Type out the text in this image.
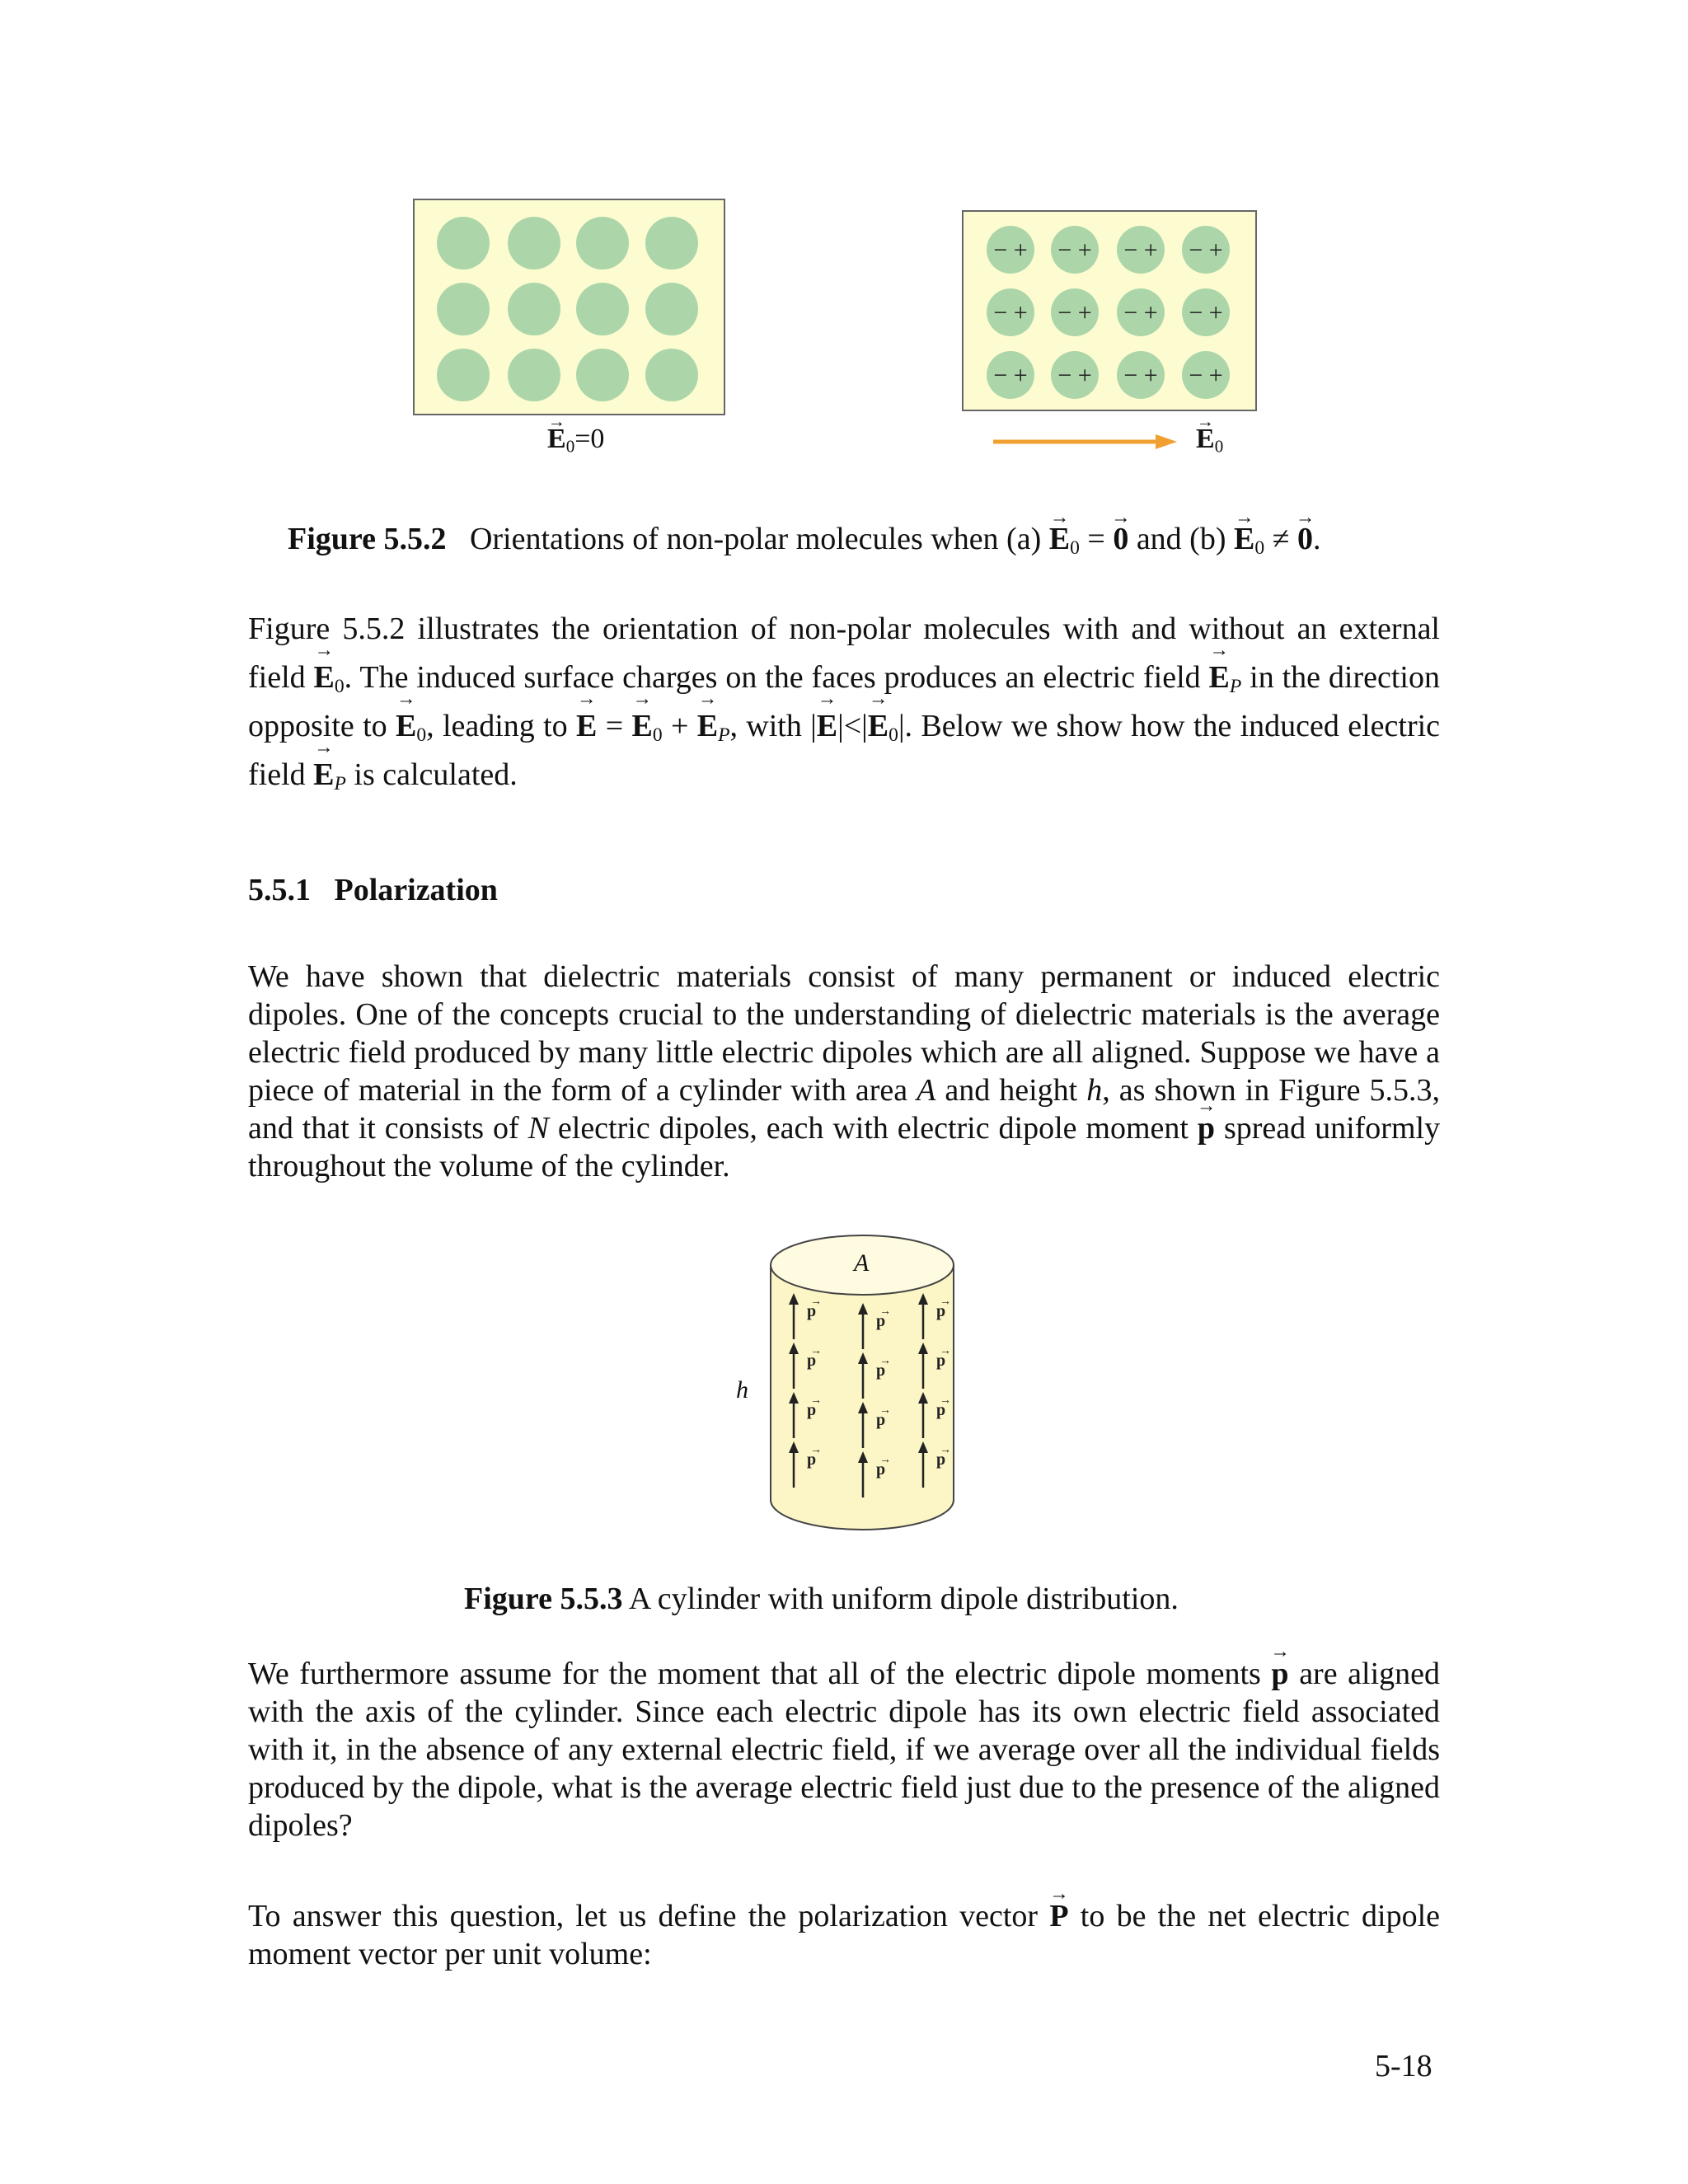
− + − + − + − +
− + − + − + − +
− + − + − + − +
→ $E_0=0$	→ $E_0$
Figure 5.5.2 Orientations of non-polar molecules when $(a) \to E_0$ = → 0 and $(b) \to E_0$ ≠ → 0.

Figure 5.5.2 illustrates the orientation of non-polar molecules with and without an external field → $E_0$. The induced surface charges on the faces produces an electric field → $E_P$ in the direction opposite to → $E_0$, leading to → E = → $E_0$ + → $E_P$, with |→ $E|<|\to E_0|$. Below we show how the induced electric field → $E_P$ is calculated.

5.5.1 Polarization

We have shown that dielectric materials consist of many permanent or induced electric dipoles. One of the concepts crucial to the understanding of dielectric materials is the average electric field produced by many little electric dipoles which are all aligned. Suppose we have a piece of material in the form of a cylinder with area A and height h, as shown in Figure 5.5.3, and that it consists of N electric dipoles, each with electric dipole moment → p spread uniformly throughout the volume of the cylinder.

p
→
p
→
p
→
p
→
p
→
p
→
p
→
p
→
p
→
p
→
p
→
p
→
A
h
Figure 5.5.3 A cylinder with uniform dipole distribution.

We furthermore assume for the moment that all of the electric dipole moments → p are aligned with the axis of the cylinder. Since each electric dipole has its own electric field associated with it, in the absence of any external electric field, if we average over all the individual fields produced by the dipole, what is the average electric field just due to the presence of the aligned dipoles?

To answer this question, let us define the polarization vector → P to be the net electric dipole moment vector per unit volume:

5-18
